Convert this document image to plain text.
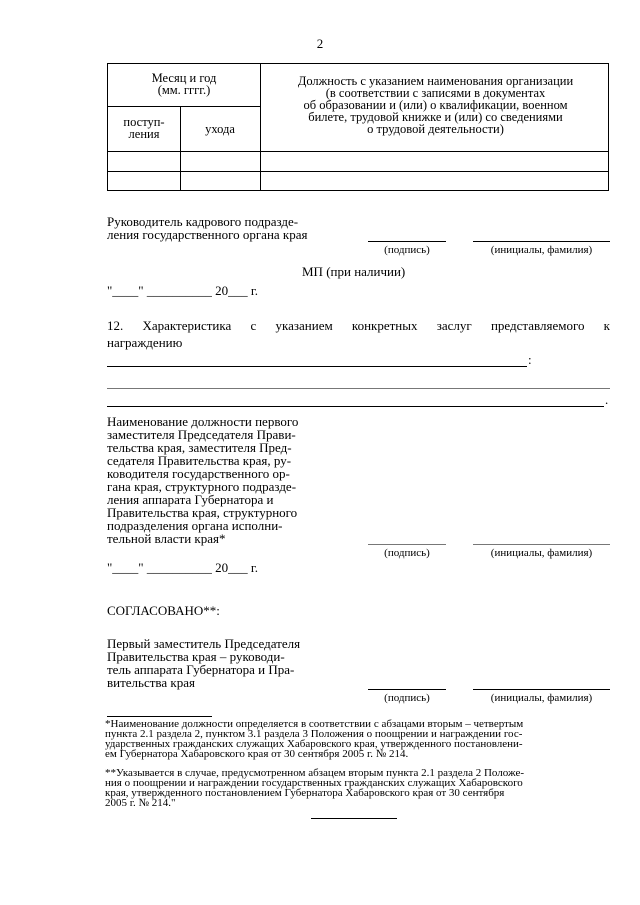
2
Месяц и год
(мм. гггг.)
поступ-
ления	ухода
Должность с указанием наименования организации
(в соответствии с записями в документах
об образовании и (или) о квалификации, военном
билете, трудовой книжке и (или) со сведениями
о трудовой деятельности)
Руководитель кадрового подразде-
ления государственного органа края
(подпись)	(инициалы, фамилия)
МП (при наличии)
"____" __________ 20___ г.
12. Характеристика с указанием конкретных заслуг представляемого к
награждению
:
.
Наименование должности первого
заместителя Председателя Прави-
тельства края, заместителя Пред-
седателя Правительства края, ру-
ководителя государственного ор-
гана края, структурного подразде-
ления аппарата Губернатора и
Правительства края, структурного
подразделения органа исполни-
тельной власти края*
(подпись)	(инициалы, фамилия)
"____" __________ 20___ г.
СОГЛАСОВАНО**:
Первый заместитель Председателя
Правительства края – руководи-
тель аппарата Губернатора и Пра-
вительства края
(подпись)	(инициалы, фамилия)
*Наименование должности определяется в соответствии с абзацами вторым – четвертым
пункта 2.1 раздела 2, пунктом 3.1 раздела 3 Положения о поощрении и награждении гос-
ударственных гражданских служащих Хабаровского края, утвержденного постановлени-
ем Губернатора Хабаровского края от 30 сентября 2005 г. № 214.
**Указывается в случае, предусмотренном абзацем вторым пункта 2.1 раздела 2 Положе-
ния о поощрении и награждении государственных гражданских служащих Хабаровского
края, утвержденного постановлением Губернатора Хабаровского края от 30 сентября
2005 г. № 214."
